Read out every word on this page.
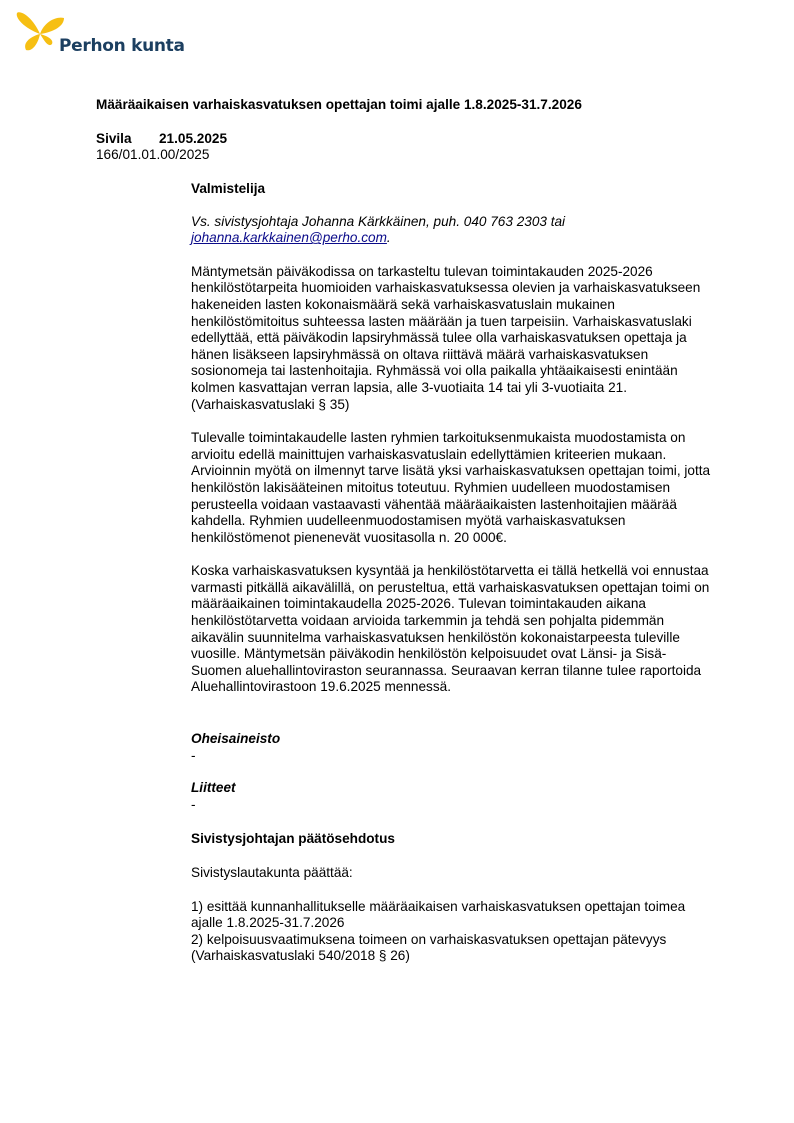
Perhon kunta
Määräaikaisen varhaiskasvatuksen opettajan toimi ajalle 1.8.2025-31.7.2026
Sivila 21.05.2025
166/01.01.00/2025

Valmistelija

Vs. sivistysjohtaja Johanna Kärkkäinen, puh. 040 763 2303 tai
johanna.karkkainen@perho.com.

Mäntymetsän päiväkodissa on tarkasteltu tulevan toimintakauden 2025-2026 henkilöstötarpeita huomioiden varhaiskasvatuksessa olevien ja varhaiskasvatukseen hakeneiden lasten kokonaismäärä sekä varhaiskasvatuslain mukainen henkilöstömitoitus suhteessa lasten määrään ja tuen tarpeisiin. Varhaiskasvatuslaki edellyttää, että päiväkodin lapsiryhmässä tulee olla varhaiskasvatuksen opettaja ja hänen lisäkseen lapsiryhmässä on oltava riittävä määrä varhaiskasvatuksen sosionomeja tai lastenhoitajia. Ryhmässä voi olla paikalla yhtäaikaisesti enintään kolmen kasvattajan verran lapsia, alle 3-vuotiaita 14 tai yli 3-vuotiaita 21. (Varhaiskasvatuslaki § 35)

Tulevalle toimintakaudelle lasten ryhmien tarkoituksenmukaista muodostamista on arvioitu edellä mainittujen varhaiskasvatuslain edellyttämien kriteerien mukaan. Arvioinnin myötä on ilmennyt tarve lisätä yksi varhaiskasvatuksen opettajan toimi, jotta henkilöstön lakisääteinen mitoitus toteutuu. Ryhmien uudelleen muodostamisen perusteella voidaan vastaavasti vähentää määräaikaisten lastenhoitajien määrää kahdella. Ryhmien uudelleenmuodostamisen myötä varhaiskasvatuksen henkilöstömenot pienenevät vuositasolla n. 20 000€.

Koska varhaiskasvatuksen kysyntää ja henkilöstötarvetta ei tällä hetkellä voi ennustaa varmasti pitkällä aikavälillä, on perusteltua, että varhaiskasvatuksen opettajan toimi on määräaikainen toimintakaudella 2025-2026. Tulevan toimintakauden aikana henkilöstötarvetta voidaan arvioida tarkemmin ja tehdä sen pohjalta pidemmän aikavälin suunnitelma varhaiskasvatuksen henkilöstön kokonaistarpeesta tuleville vuosille. Mäntymetsän päiväkodin henkilöstön kelpoisuudet ovat Länsi- ja Sisä-Suomen aluehallintoviraston seurannassa. Seuraavan kerran tilanne tulee raportoida Aluehallintovirastoon 19.6.2025 mennessä.

Oheisaineisto

-

Liitteet

-

Sivistysjohtajan päätösehdotus

Sivistyslautakunta päättää:

1) esittää kunnanhallitukselle määräaikaisen varhaiskasvatuksen opettajan toimea ajalle 1.8.2025-31.7.2026

2) kelpoisuusvaatimuksena toimeen on varhaiskasvatuksen opettajan pätevyys (Varhaiskasvatuslaki 540/2018 § 26)
